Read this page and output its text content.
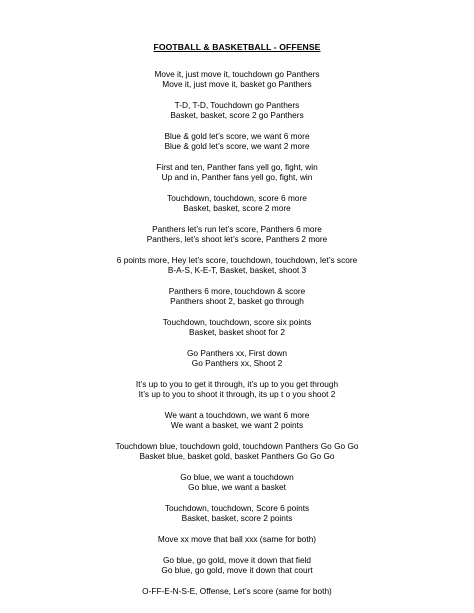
FOOTBALL & BASKETBALL - OFFENSE
Move it, just move it, touchdown go Panthers
Move it, just move it, basket go Panthers
T-D, T-D, Touchdown go Panthers
Basket, basket, score 2 go Panthers
Blue & gold let’s score, we want 6 more
Blue & gold let’s score, we want 2 more
First and ten, Panther fans yell go, fight, win
Up and in, Panther fans yell go, fight, win
Touchdown, touchdown, score 6 more
Basket, basket, score 2 more
Panthers let’s run let’s score, Panthers 6 more
Panthers, let’s shoot let’s score, Panthers 2 more
6 points more, Hey let’s score, touchdown, touchdown, let’s score
B-A-S, K-E-T, Basket, basket, shoot 3
Panthers 6 more, touchdown & score
Panthers shoot 2, basket go through
Touchdown, touchdown, score six points
Basket, basket shoot for 2
Go Panthers xx, First down
Go Panthers xx, Shoot 2
It’s up to you to get it through, it’s up to you get through
It’s up to you to shoot it through, its up t o you shoot 2
We want a touchdown, we want 6 more
We want a basket, we want 2 points
Touchdown blue, touchdown gold, touchdown Panthers Go Go Go
Basket blue, basket gold, basket Panthers Go Go Go
Go blue, we want a touchdown
Go blue, we want a basket
Touchdown, touchdown, Score 6 points
Basket, basket, score 2 points
Move xx move that ball xxx (same for both)
Go blue, go gold, move it down that field
Go blue, go gold, move it down that court
O-FF-E-N-S-E, Offense, Let’s score (same for both)
